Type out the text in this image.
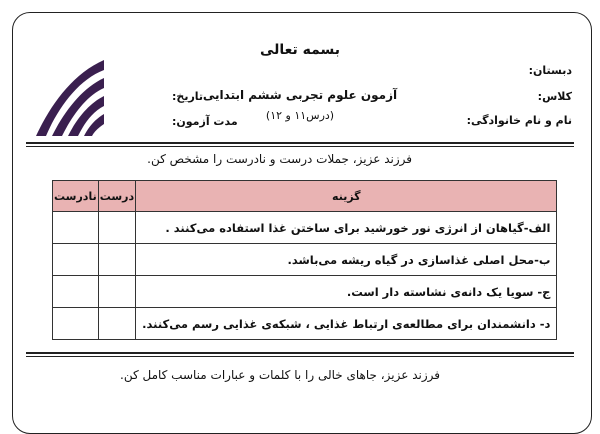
بسمه تعالی
آزمون علوم تجربی ششم ابتدایی
(درس۱۱ و ۱۲)
دبستان:
کلاس:
نام و نام خانوادگی:
تاریخ:
مدت آزمون:
فرزند عزیز، جملات درست و نادرست را مشخص کن.
گزینه	درست	نادرست
الف-گیاهان از انرژی نور خورشید برای ساختن غذا استفاده می‌کنند .		
ب-محل اصلی غذاسازی در گیاه ریشه می‌باشد.		
ج- سویا یک دانه‌ی نشاسته دار است.		
د- دانشمندان برای مطالعه‌ی ارتباط غذایی ، شبکه‌ی غذایی رسم می‌کنند.		
فرزند عزیز، جاهای خالی را با کلمات و عبارات مناسب کامل کن.
